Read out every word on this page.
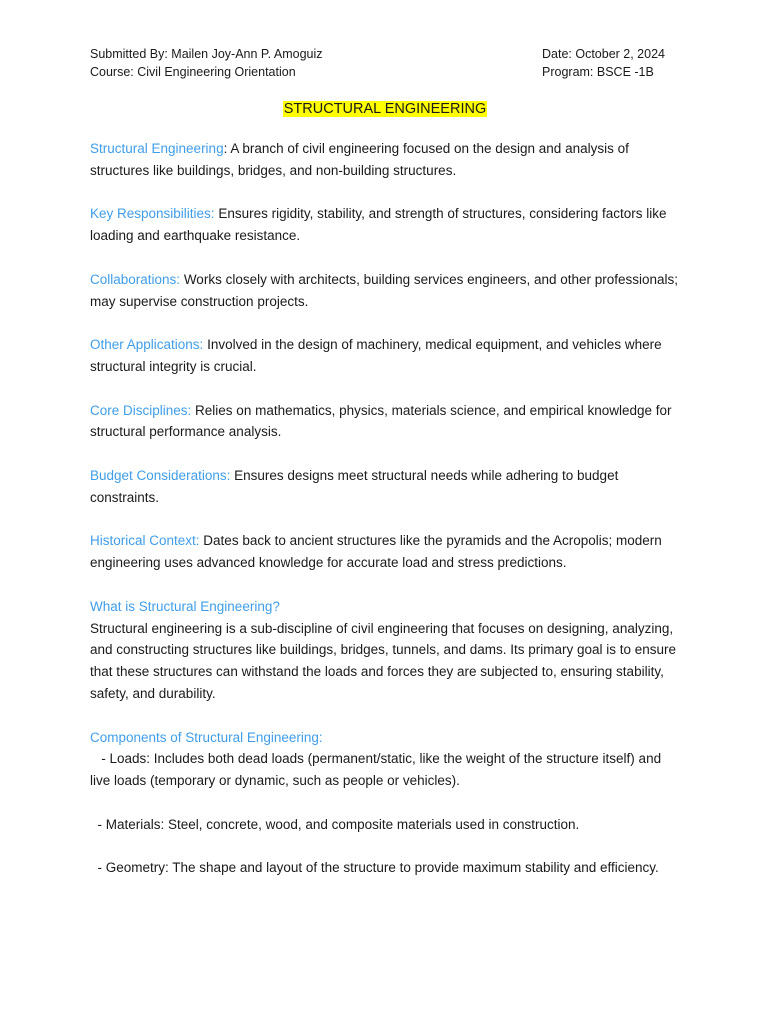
Submitted By: Mailen Joy-Ann P. Amoguiz
Course: Civil Engineering Orientation
Date: October 2, 2024
Program: BSCE -1B
STRUCTURAL ENGINEERING

Structural Engineering: A branch of civil engineering focused on the design and analysis of structures like buildings, bridges, and non-building structures.

Key Responsibilities: Ensures rigidity, stability, and strength of structures, considering factors like loading and earthquake resistance.

Collaborations: Works closely with architects, building services engineers, and other professionals; may supervise construction projects.

Other Applications: Involved in the design of machinery, medical equipment, and vehicles where structural integrity is crucial.

Core Disciplines: Relies on mathematics, physics, materials science, and empirical knowledge for structural performance analysis.

Budget Considerations: Ensures designs meet structural needs while adhering to budget constraints.

Historical Context: Dates back to ancient structures like the pyramids and the Acropolis; modern engineering uses advanced knowledge for accurate load and stress predictions.

What is Structural Engineering?
Structural engineering is a sub-discipline of civil engineering that focuses on designing, analyzing, and constructing structures like buildings, bridges, tunnels, and dams. Its primary goal is to ensure that these structures can withstand the loads and forces they are subjected to, ensuring stability, safety, and durability.

Components of Structural Engineering:

- Loads: Includes both dead loads (permanent/static, like the weight of the structure itself) and live loads (temporary or dynamic, such as people or vehicles).

- Materials: Steel, concrete, wood, and composite materials used in construction.

- Geometry: The shape and layout of the structure to provide maximum stability and efficiency.
